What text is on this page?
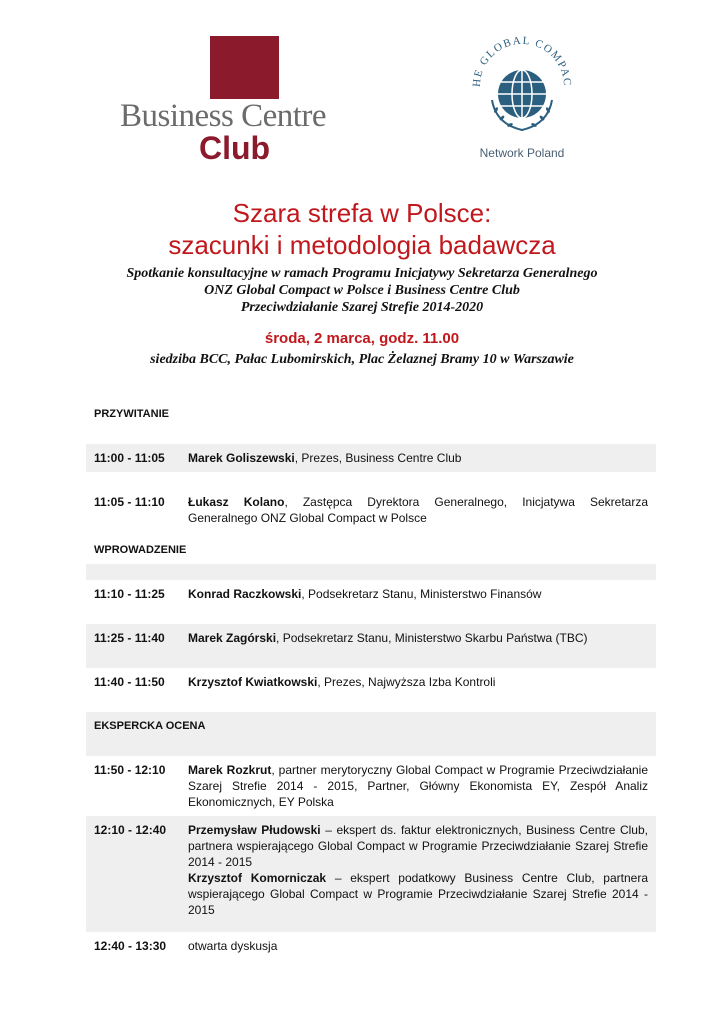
Business Centre
Club
HE GLOBAL COMPAC
Network Poland
Szara strefa w Polsce:
szacunki i metodologia badawcza
Spotkanie konsultacyjne w ramach Programu Inicjatywy Sekretarza Generalnego
ONZ Global Compact w Polsce i Business Centre Club
Przeciwdziałanie Szarej Strefie 2014-2020
środa, 2 marca, godz. 11.00
siedziba BCC, Pałac Lubomirskich, Plac Żelaznej Bramy 10 w Warszawie
PRZYWITANIE
11:00 - 11:05	Marek Goliszewski, Prezes, Business Centre Club
11:05 - 11:10	Łukasz Kolano, Zastępca Dyrektora Generalnego, Inicjatywa Sekretarza Generalnego ONZ Global Compact w Polsce
WPROWADZENIE
11:10 - 11:25	Konrad Raczkowski, Podsekretarz Stanu, Ministerstwo Finansów
11:25 - 11:40	Marek Zagórski, Podsekretarz Stanu, Ministerstwo Skarbu Państwa (TBC)
11:40 - 11:50	Krzysztof Kwiatkowski, Prezes, Najwyższa Izba Kontroli
EKSPERCKA OCENA
11:50 - 12:10	Marek Rozkrut, partner merytoryczny Global Compact w Programie Przeciwdziałanie Szarej Strefie 2014 - 2015, Partner, Główny Ekonomista EY, Zespół Analiz Ekonomicznych, EY Polska
12:10 - 12:40	Przemysław Płudowski – ekspert ds. faktur elektronicznych, Business Centre Club, partnera wspierającego Global Compact w Programie Przeciwdziałanie Szarej Strefie 2014 - 2015
Krzysztof Komorniczak – ekspert podatkowy Business Centre Club, partnera wspierającego Global Compact w Programie Przeciwdziałanie Szarej Strefie 2014 - 2015
12:40 - 13:30	otwarta dyskusja
